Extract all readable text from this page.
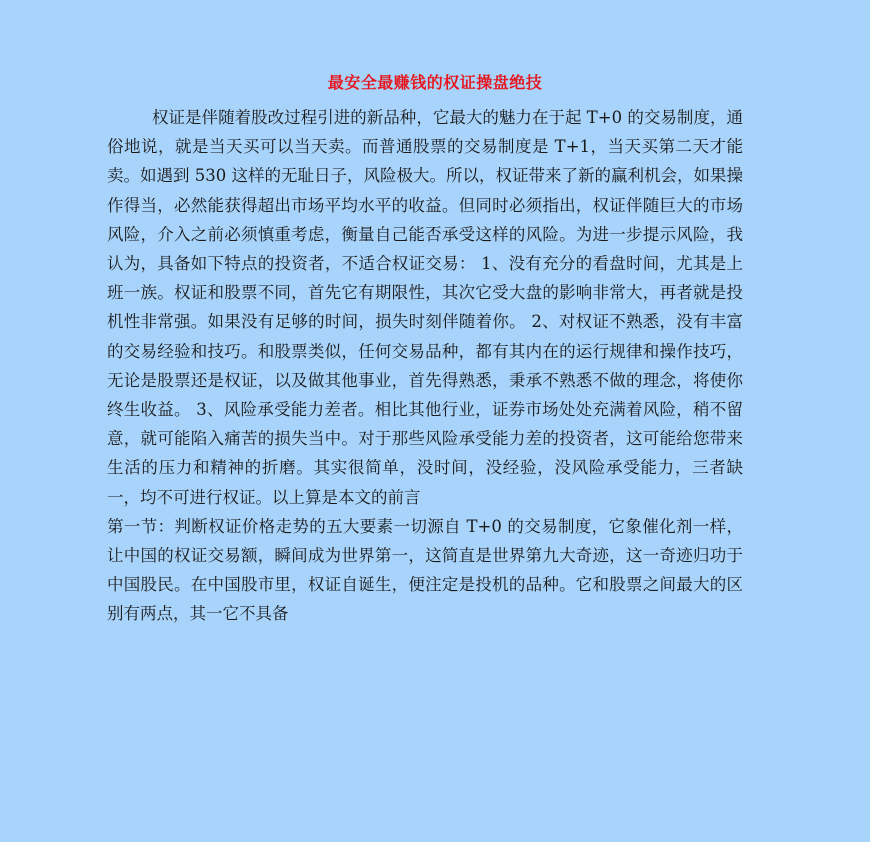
最安全最赚钱的权证操盘绝技

权证是伴随着股改过程引进的新品种，它最大的魅力在于起 T+0 的交易制度，通俗地说，就是当天买可以当天卖。而普通股票的交易制度是 T+1，当天买第二天才能卖。如遇到 530 这样的无耻日子，风险极大。所以，权证带来了新的赢利机会，如果操作得当，必然能获得超出市场平均水平的收益。但同时必须指出，权证伴随巨大的市场风险，介入之前必须慎重考虑，衡量自己能否承受这样的风险。为进一步提示风险，我认为，具备如下特点的投资者，不适合权证交易： 1、没有充分的看盘时间，尤其是上班一族。权证和股票不同，首先它有期限性，其次它受大盘的影响非常大，再者就是投机性非常强。如果没有足够的时间，损失时刻伴随着你。 2、对权证不熟悉，没有丰富的交易经验和技巧。和股票类似，任何交易品种，都有其内在的运行规律和操作技巧，无论是股票还是权证，以及做其他事业，首先得熟悉，秉承不熟悉不做的理念，将使你终生收益。 3、风险承受能力差者。相比其他行业，证券市场处处充满着风险，稍不留意，就可能陷入痛苦的损失当中。对于那些风险承受能力差的投资者，这可能给您带来生活的压力和精神的折磨。其实很简单，没时间，没经验，没风险承受能力，三者缺一，均不可进行权证。以上算是本文的前言

第一节：判断权证价格走势的五大要素一切源自 T+0 的交易制度，它象催化剂一样，让中国的权证交易额，瞬间成为世界第一，这简直是世界第九大奇迹，这一奇迹归功于中国股民。在中国股市里，权证自诞生，便注定是投机的品种。它和股票之间最大的区别有两点，其一它不具备
